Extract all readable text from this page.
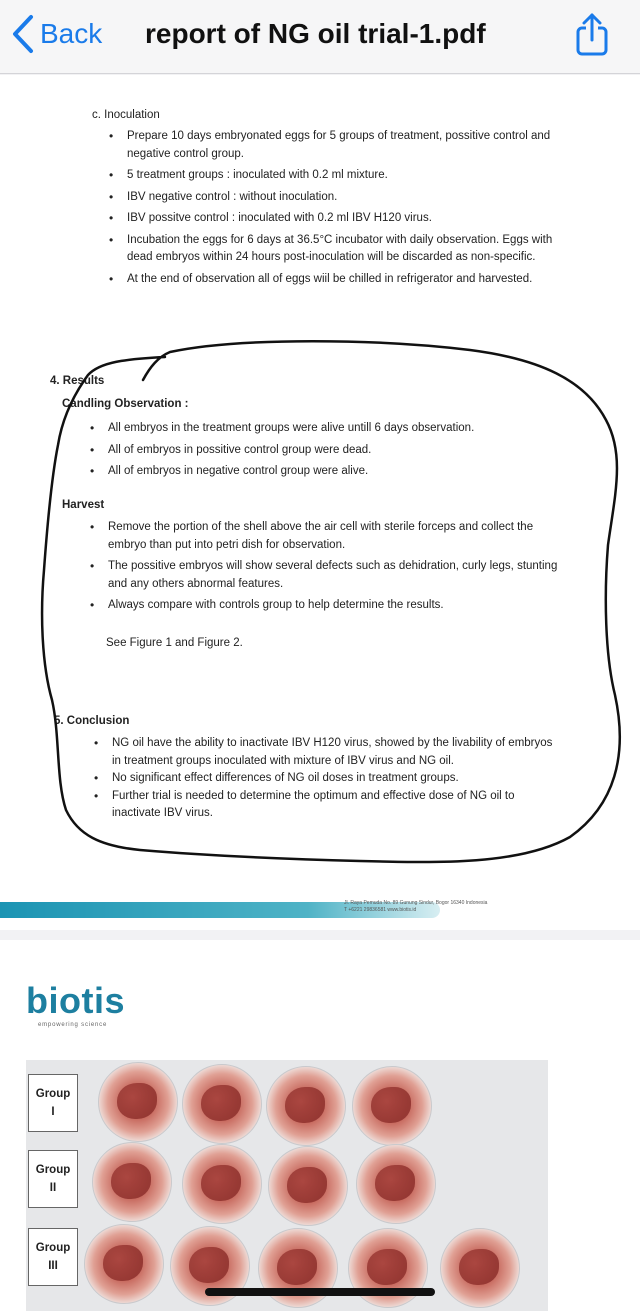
Back report of NG oil trial-1.pdf
c. Inoculation
• Prepare 10 days embryonated eggs for 5 groups of treatment, possitive control and negative control group.
• 5 treatment groups : inoculated with 0.2 ml mixture.
• IBV negative control : without inoculation.
• IBV possitve control : inoculated with 0.2 ml IBV H120 virus.
• Incubation the eggs for 6 days at 36.5°C incubator with daily observation. Eggs with dead embryos within 24 hours post-inoculation will be discarded as non-specific.
• At the end of observation all of eggs wiil be chilled in refrigerator and harvested.
4. Results
Candling Observation :
• All embryos in the treatment groups were alive untill 6 days observation.
• All of embryos in possitive control group were dead.
• All of embryos in negative control group were alive.
Harvest
• Remove the portion of the shell above the air cell with sterile forceps and collect the embryo than put into petri dish for observation.
• The possitive embryos will show several defects such as dehidration, curly legs, stunting and any others abnormal features.
• Always compare with controls group to help determine the results.
See Figure 1 and Figure 2.
5. Conclusion
• NG oil have the ability to inactivate IBV H120 virus, showed by the livability of embryos in treatment groups inoculated with mixture of IBV virus and NG oil.
• No significant effect differences of NG oil doses in treatment groups.
• Further trial is needed to determine the optimum and effective dose of NG oil to inactivate IBV virus.
Jl. Raya Pemuda No. 89 Gunung Sindur, Bogor 16340 Indonesia
T +6221 29836581 www.biotis.id
biotis
empowering science
Group
I
Group
II
Group
III
